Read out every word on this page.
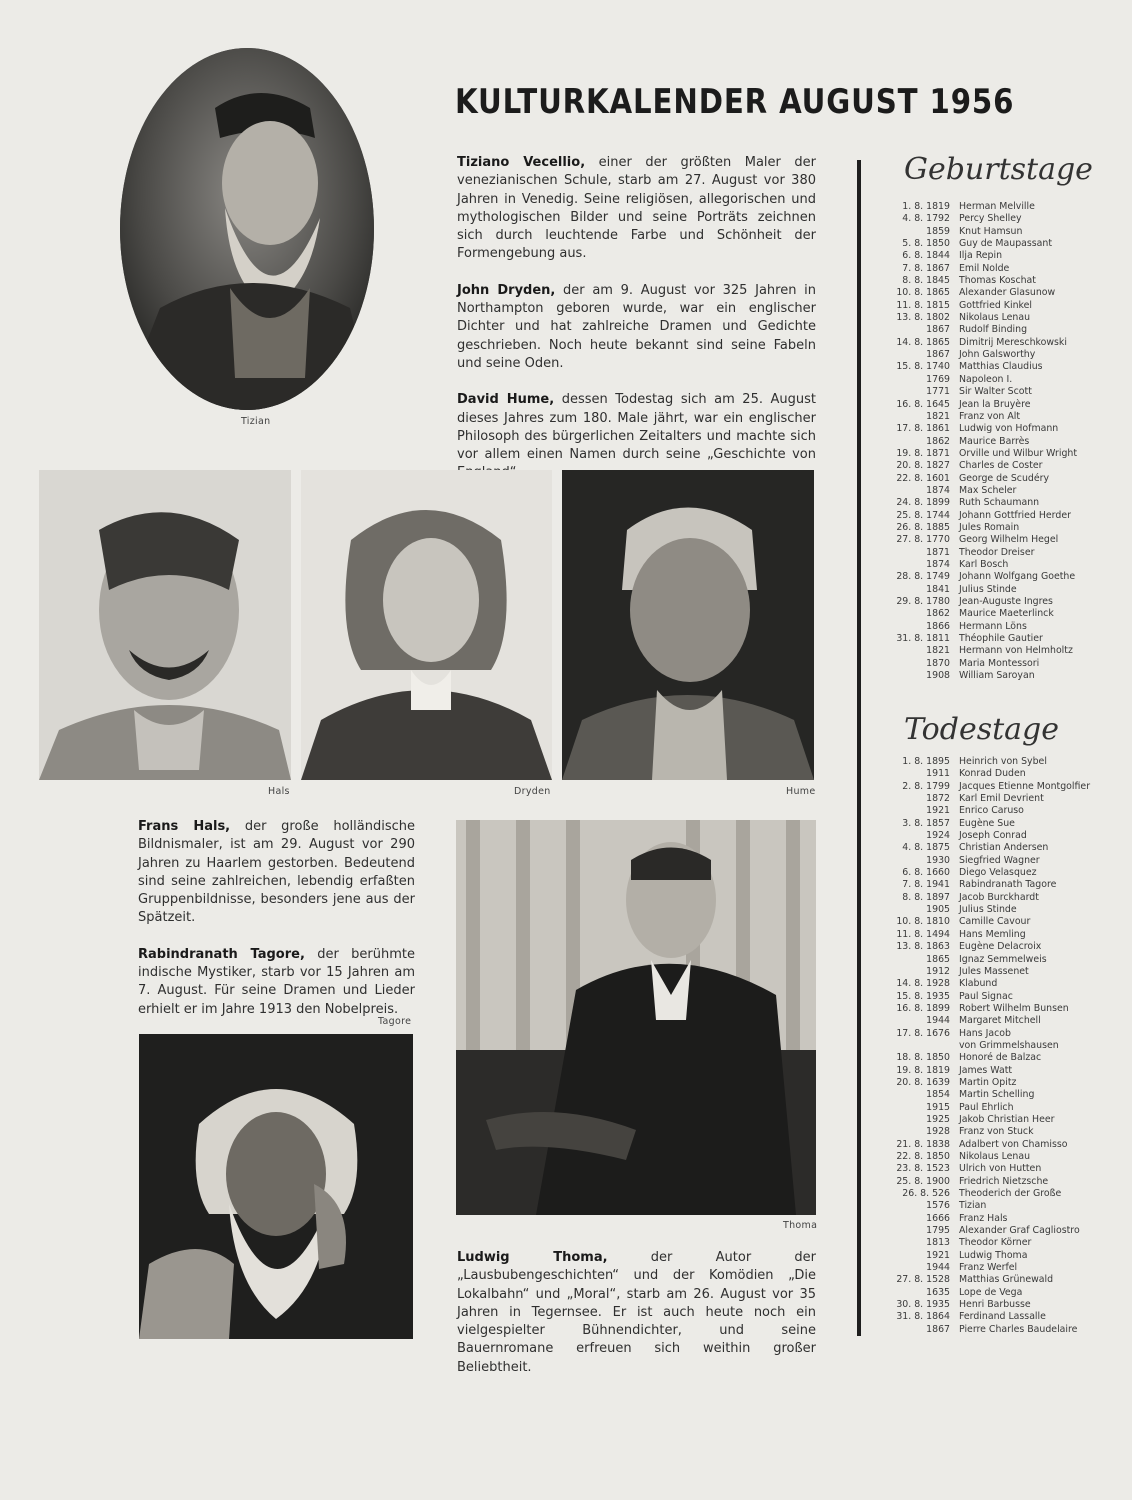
KULTURKALENDER AUGUST 1956
Tizian

Tiziano Vecellio, einer der größten Maler der venezianischen Schule, starb am 27. August vor 380 Jahren in Venedig. Seine religiösen, allegorischen und mythologischen Bilder und seine Porträts zeichnen sich durch leuchtende Farbe und Schönheit der Formengebung aus.

John Dryden, der am 9. August vor 325 Jahren in Northampton geboren wurde, war ein englischer Dichter und hat zahlreiche Dramen und Gedichte geschrieben. Noch heute bekannt sind seine Fabeln und seine Oden.

David Hume, dessen Todestag sich am 25. August dieses Jahres zum 180. Male jährt, war ein englischer Philosoph des bürgerlichen Zeitalters und machte sich vor allem einen Namen durch seine „Geschichte von

Hals	Dryden	Hume

Frans Hals, der große holländische Bildnismaler, ist am 29. August vor 290 Jahren zu Haarlem gestorben. Bedeutend sind seine zahlreichen, lebendig erfaßten Gruppenbildnisse, besonders jene aus der Spätzeit.

Rabindranath Tagore, der berühmte indische Mystiker, starb vor 15 Jahren am 7. August. Für seine Dramen und Lieder erhielt er im Jahre 1913 den Nobelpreis.

Tagore
Thoma

Ludwig Thoma, der Autor der „Lausbubengeschichten“ und der Komödien „Die Lokalbahn“ und „Moral“, starb am 26. August vor 35 Jahren in Tegernsee. Er ist auch heute noch ein vielgespielter Bühnendichter, und seine Bauernromane erfreuen sich weithin großer Beliebtheit.

Geburtstage
1. 8. 1819 Herman Melville
4. 8. 1792 Percy Shelley
1859 Knut Hamsun
5. 8. 1850 Guy de Maupassant
6. 8. 1844 Ilja Repin
7. 8. 1867 Emil Nolde
8. 8. 1845 Thomas Koschat
10. 8. 1865 Alexander Glasunow
11. 8. 1815 Gottfried Kinkel
13. 8. 1802 Nikolaus Lenau
1867 Rudolf Binding
14. 8. 1865 Dimitrij Mereschkowski
1867 John Galsworthy
15. 8. 1740 Matthias Claudius
1769 Napoleon I.
1771 Sir Walter Scott
16. 8. 1645 Jean la Bruyère
1821 Franz von Alt
17. 8. 1861 Ludwig von Hofmann
1862 Maurice Barrès
19. 8. 1871 Orville und Wilbur Wright
20. 8. 1827 Charles de Coster
22. 8. 1601 George de Scudéry
1874 Max Scheler
24. 8. 1899 Ruth Schaumann
25. 8. 1744 Johann Gottfried Herder
26. 8. 1885 Jules Romain
27. 8. 1770 Georg Wilhelm Hegel
1871 Theodor Dreiser
1874 Karl Bosch
28. 8. 1749 Johann Wolfgang Goethe
1841 Julius Stinde
29. 8. 1780 Jean-Auguste Ingres
1862 Maurice Maeterlinck
1866 Hermann Löns
31. 8. 1811 Théophile Gautier
1821 Hermann von Helmholtz
1870 Maria Montessori
1908 William Saroyan
Todestage
1. 8. 1895 Heinrich von Sybel
1911 Konrad Duden
2. 8. 1799 Jacques Etienne Montgolfier
1872 Karl Emil Devrient
1921 Enrico Caruso
3. 8. 1857 Eugène Sue
1924 Joseph Conrad
4. 8. 1875 Christian Andersen
1930 Siegfried Wagner
6. 8. 1660 Diego Velasquez
7. 8. 1941 Rabindranath Tagore
8. 8. 1897 Jacob Burckhardt
1905 Julius Stinde
10. 8. 1810 Camille Cavour
11. 8. 1494 Hans Memling
13. 8. 1863 Eugène Delacroix
1865 Ignaz Semmelweis
1912 Jules Massenet
14. 8. 1928 Klabund
15. 8. 1935 Paul Signac
16. 8. 1899 Robert Wilhelm Bunsen
1944 Margaret Mitchell
17. 8. 1676 Hans Jacob
von Grimmelshausen
18. 8. 1850 Honoré de Balzac
19. 8. 1819 James Watt
20. 8. 1639 Martin Opitz
1854 Martin Schelling
1915 Paul Ehrlich
1925 Jakob Christian Heer
1928 Franz von Stuck
21. 8. 1838 Adalbert von Chamisso
22. 8. 1850 Nikolaus Lenau
23. 8. 1523 Ulrich von Hutten
25. 8. 1900 Friedrich Nietzsche
26. 8. 526 Theoderich der Große
1576 Tizian
1666 Franz Hals
1795 Alexander Graf Cagliostro
1813 Theodor Körner
1921 Ludwig Thoma
1944 Franz Werfel
27. 8. 1528 Matthias Grünewald
1635 Lope de Vega
30. 8. 1935 Henri Barbusse
31. 8. 1864 Ferdinand Lassalle
1867 Pierre Charles Baudelaire
